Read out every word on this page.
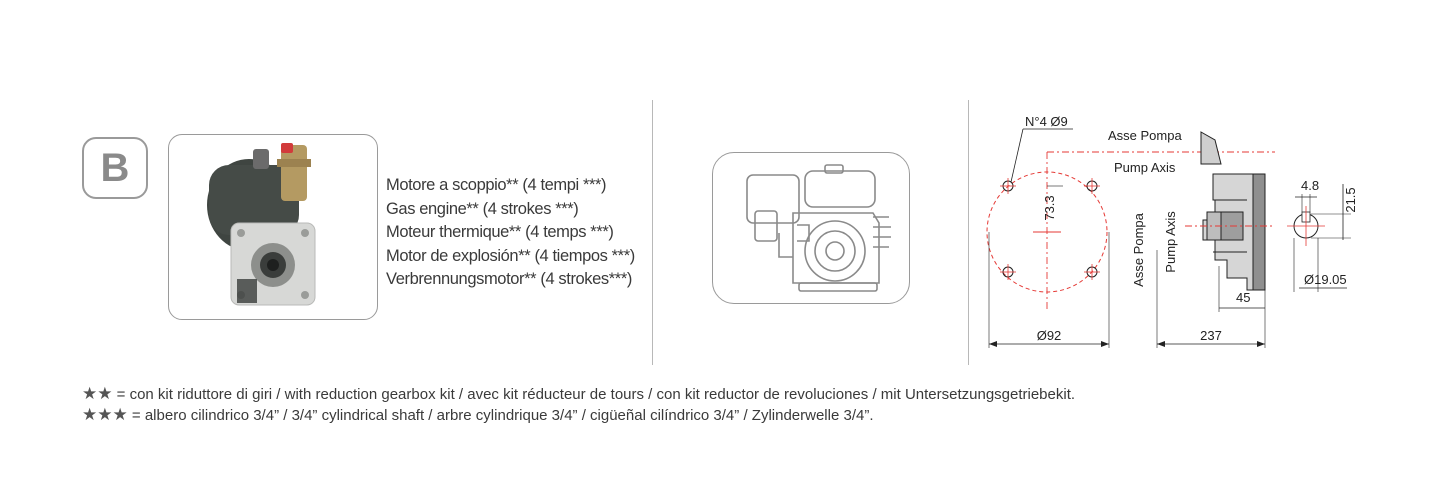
B	Motore a scoppio** (4 tempi ***)
Gas engine** (4 strokes ***)
Moteur thermique** (4 temps ***)
Motor de explosión** (4 tiempos ***)
Verbrennungsmotor** (4 strokes***)
N°4 Ø9
73.3
Ø92
Asse Pompa
Pump Axis
Asse Pompa Pump Axis
45
237
4.8
21.5
Ø19.05
★★ = con kit riduttore di giri / with reduction gearbox kit / avec kit réducteur de tours / con kit reductor de revoluciones / mit Untersetzungsgetriebekit.
★★★ = albero cilindrico 3/4” / 3/4” cylindrical shaft / arbre cylindrique 3/4” / cigüeñal cilíndrico 3/4” / Zylinderwelle 3/4”.
